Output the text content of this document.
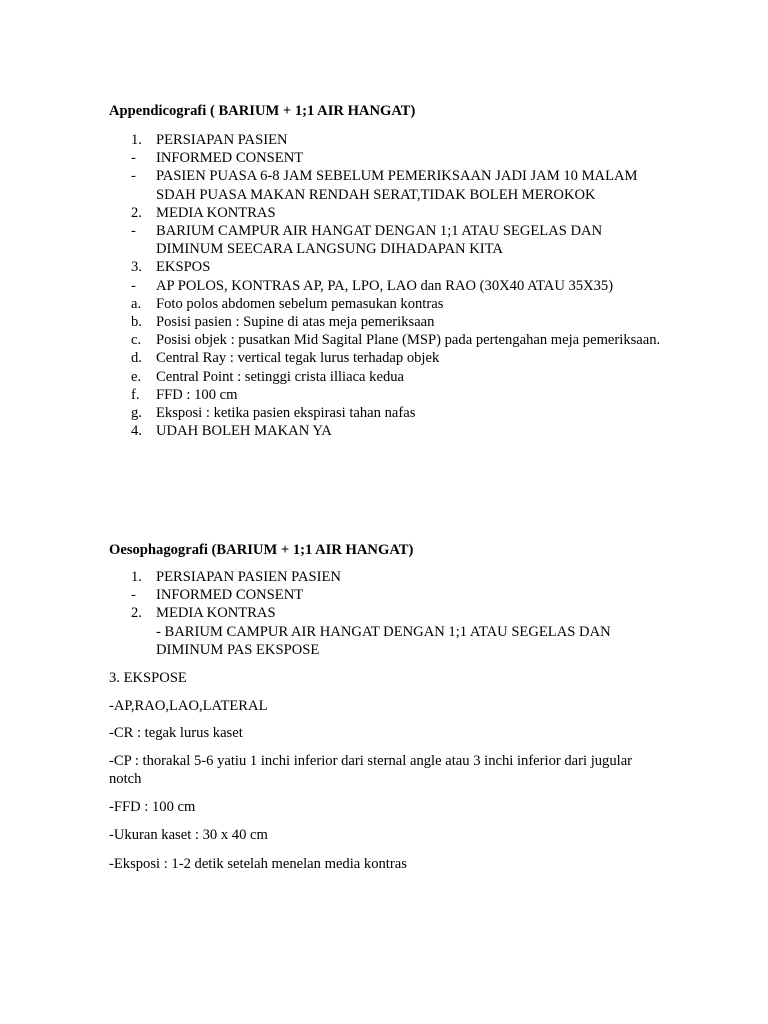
Appendicografi ( BARIUM + 1;1 AIR HANGAT)
1. PERSIAPAN PASIEN
-	INFORMED CONSENT
-	PASIEN PUASA 6-8 JAM SEBELUM PEMERIKSAAN JADI JAM 10 MALAM SDAH PUASA MAKAN RENDAH SERAT,TIDAK BOLEH MEROKOK
2. MEDIA KONTRAS
-	BARIUM CAMPUR AIR HANGAT DENGAN 1;1 ATAU SEGELAS DAN DIMINUM SEECARA LANGSUNG DIHADAPAN KITA
3. EKSPOS
-	AP POLOS, KONTRAS AP, PA, LPO, LAO dan RAO (30X40 ATAU 35X35)
a.	Foto polos abdomen sebelum pemasukan kontras
b. Posisi pasien : Supine di atas meja pemeriksaan
c.	Posisi objek : pusatkan Mid Sagital Plane (MSP) pada pertengahan meja pemeriksaan.
d. Central Ray : vertical tegak lurus terhadap objek
e.	Central Point : setinggi crista illiaca kedua
f.	FFD : 100 cm
g. Eksposi : ketika pasien ekspirasi tahan nafas
4. UDAH BOLEH MAKAN YA
Oesophagografi (BARIUM + 1;1 AIR HANGAT)
1. PERSIAPAN PASIEN PASIEN
-	INFORMED CONSENT
2. MEDIA KONTRAS
- BARIUM CAMPUR AIR HANGAT DENGAN 1;1 ATAU SEGELAS DAN DIMINUM PAS EKSPOSE

3. EKSPOSE

-AP,RAO,LAO,LATERAL

-CR : tegak lurus kaset

-CP : thorakal 5-6 yatiu 1 inchi inferior dari sternal angle atau 3 inchi inferior dari jugular notch

-FFD : 100 cm

-Ukuran kaset : 30 x 40 cm

-Eksposi : 1-2 detik setelah menelan media kontras
